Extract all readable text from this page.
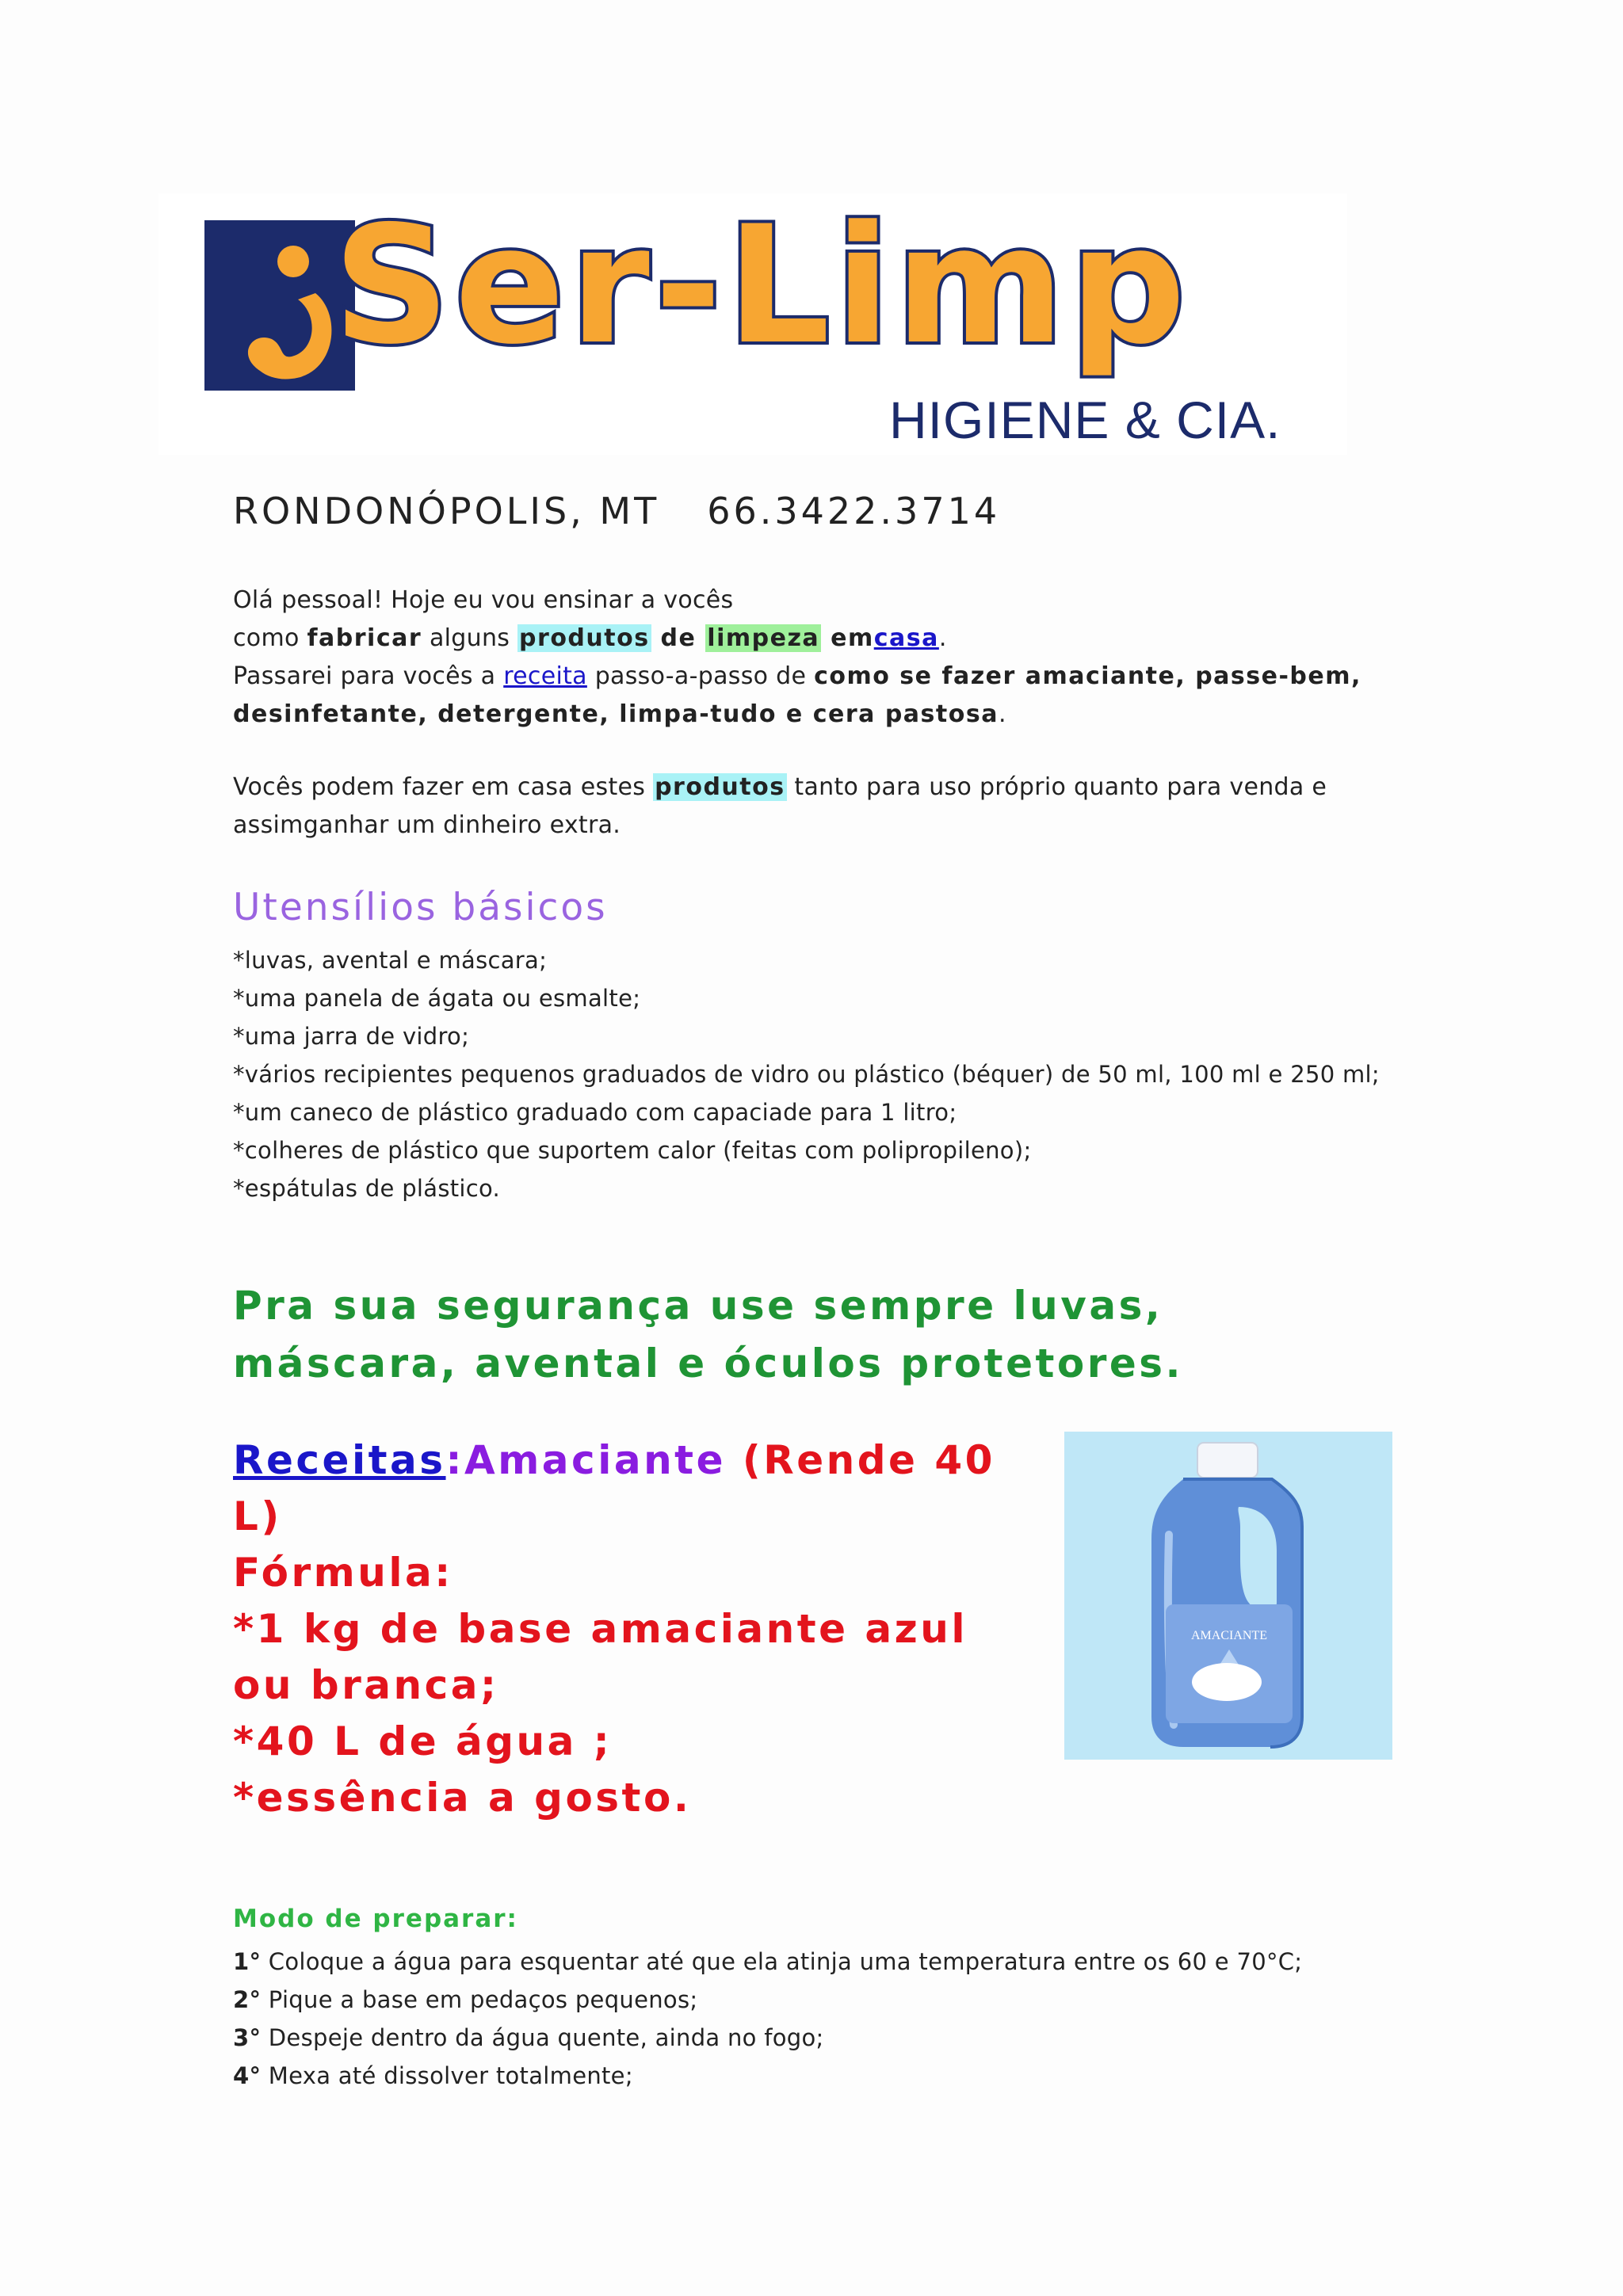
Ser-Limp
HIGIENE & CIA.
RONDONÓPOLIS, MT 66.3422.3714

Olá pessoal! Hoje eu vou ensinar a vocês

como fabricar alguns produtos de limpeza emcasa.

Passarei para vocês a receita passo-a-passo de como se fazer amaciante, passe-bem, desinfetante, detergente, limpa-tudo e cera pastosa.

Vocês podem fazer em casa estes produtos tanto para uso próprio quanto para venda e assimganhar um dinheiro extra.

Utensílios básicos
*luvas, avental e máscara;
*uma panela de ágata ou esmalte;
*uma jarra de vidro;
*vários recipientes pequenos graduados de vidro ou plástico (béquer) de 50 ml, 100 ml e 250 ml;
*um caneco de plástico graduado com capaciade para 1 litro;
*colheres de plástico que suportem calor (feitas com polipropileno);
*espátulas de plástico.
Pra sua segurança use sempre luvas, máscara, avental e óculos protetores.
Receitas:Amaciante (Rende 40 L)
Fórmula:
*1 kg de base amaciante azul ou branca;
*40 L de água ;
*essência a gosto.
AMACIANTE
Modo de preparar:
1° Coloque a água para esquentar até que ela atinja uma temperatura entre os 60 e 70°C;
2° Pique a base em pedaços pequenos;
3° Despeje dentro da água quente, ainda no fogo;
4° Mexa até dissolver totalmente;
